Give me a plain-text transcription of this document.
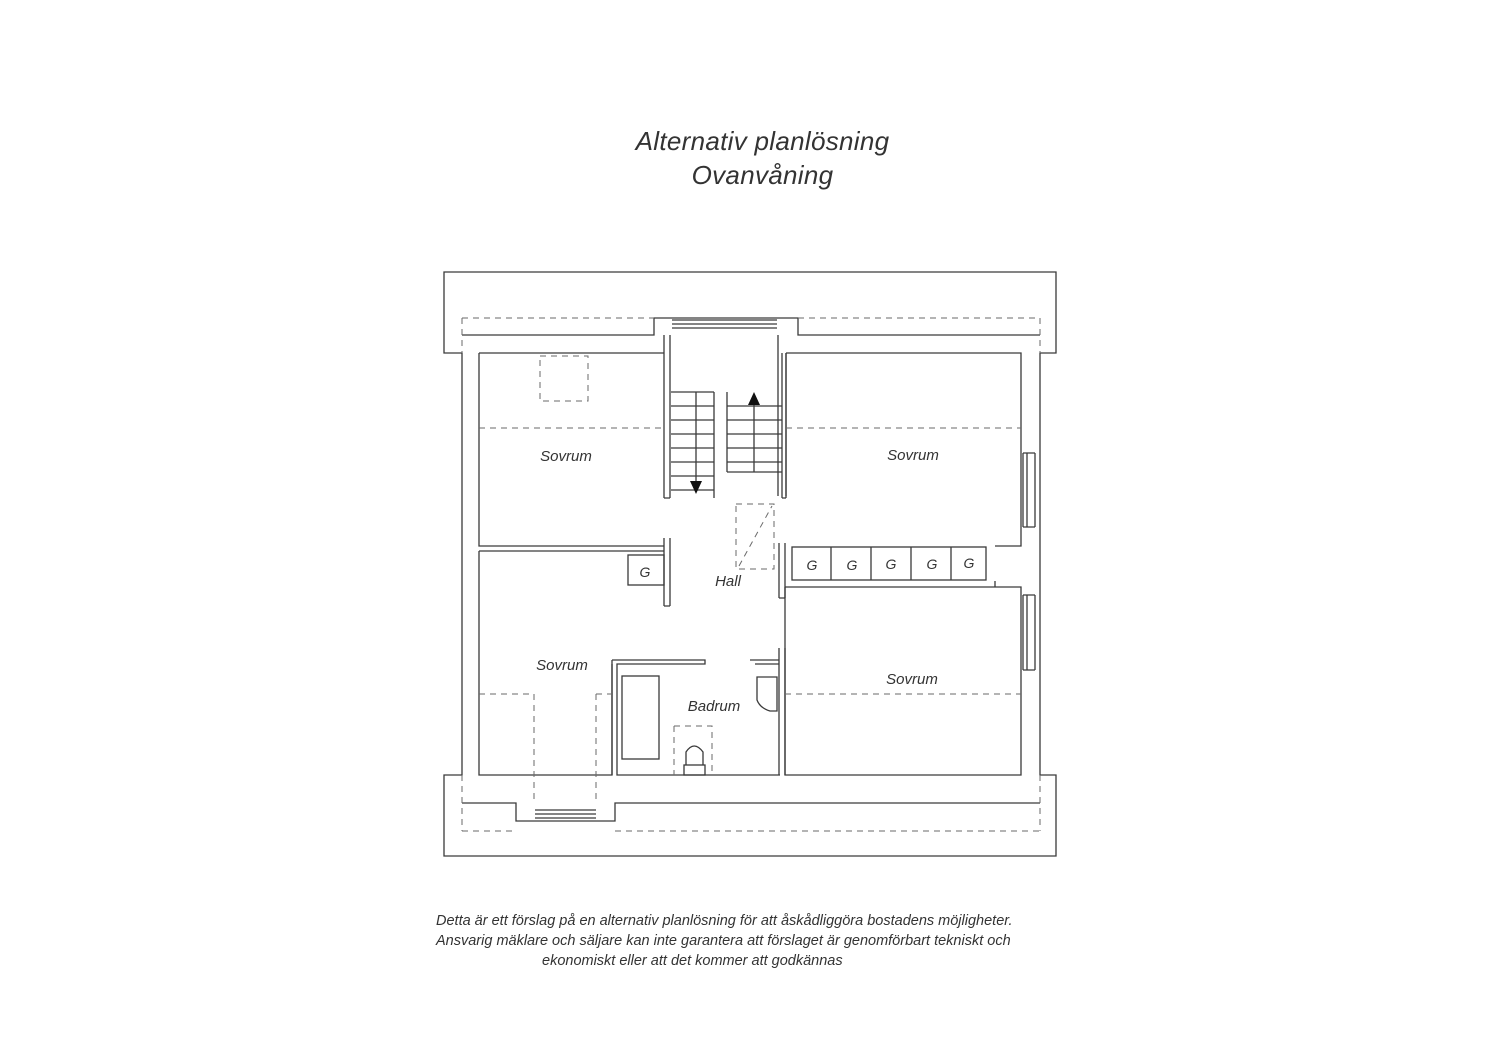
Alternativ planlösning
Ovanvåning
Sovrum	Sovrum
Sovrum
Sovrum
Hall
Badrum
G	G G G G G
Detta är ett förslag på en alternativ planlösning för att åskådliggöra bostadens möjligheter.
Ansvarig mäklare och säljare kan inte garantera att förslaget är genomförbart tekniskt och
ekonomiskt eller att det kommer att godkännas
